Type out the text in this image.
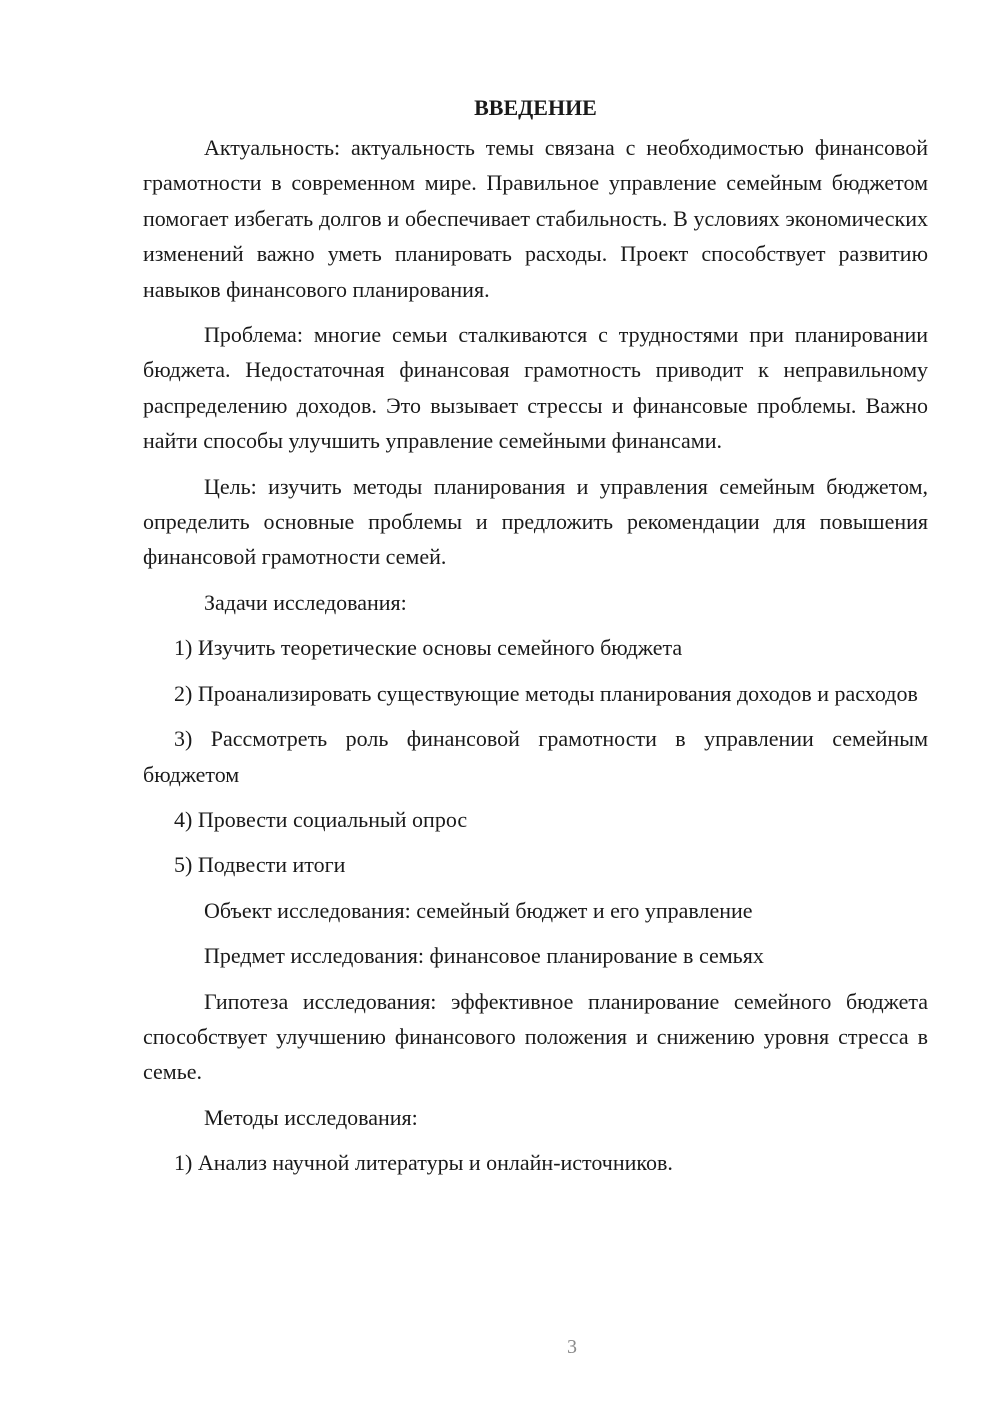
ВВЕДЕНИЕ

Актуальность: актуальность темы связана с необходимостью финансовой грамотности в современном мире. Правильное управление семейным бюджетом помогает избегать долгов и обеспечивает стабильность. В условиях экономических изменений важно уметь планировать расходы. Проект способствует развитию навыков финансового планирования.

Проблема: многие семьи сталкиваются с трудностями при планировании бюджета. Недостаточная финансовая грамотность приводит к неправильному распределению доходов. Это вызывает стрессы и финансовые проблемы. Важно найти способы улучшить управление семейными финансами.

Цель: изучить методы планирования и управления семейным бюджетом, определить основные проблемы и предложить рекомендации для повышения финансовой грамотности семей.

Задачи исследования:

1) Изучить теоретические основы семейного бюджета

2) Проанализировать существующие методы планирования доходов и расходов

3) Рассмотреть роль финансовой грамотности в управлении семейным бюджетом

4) Провести социальный опрос

5) Подвести итоги

Объект исследования: семейный бюджет и его управление

Предмет исследования: финансовое планирование в семьях

Гипотеза исследования: эффективное планирование семейного бюджета способствует улучшению финансового положения и снижению уровня стресса в семье.

Методы исследования:

1) Анализ научной литературы и онлайн-источников.

3
